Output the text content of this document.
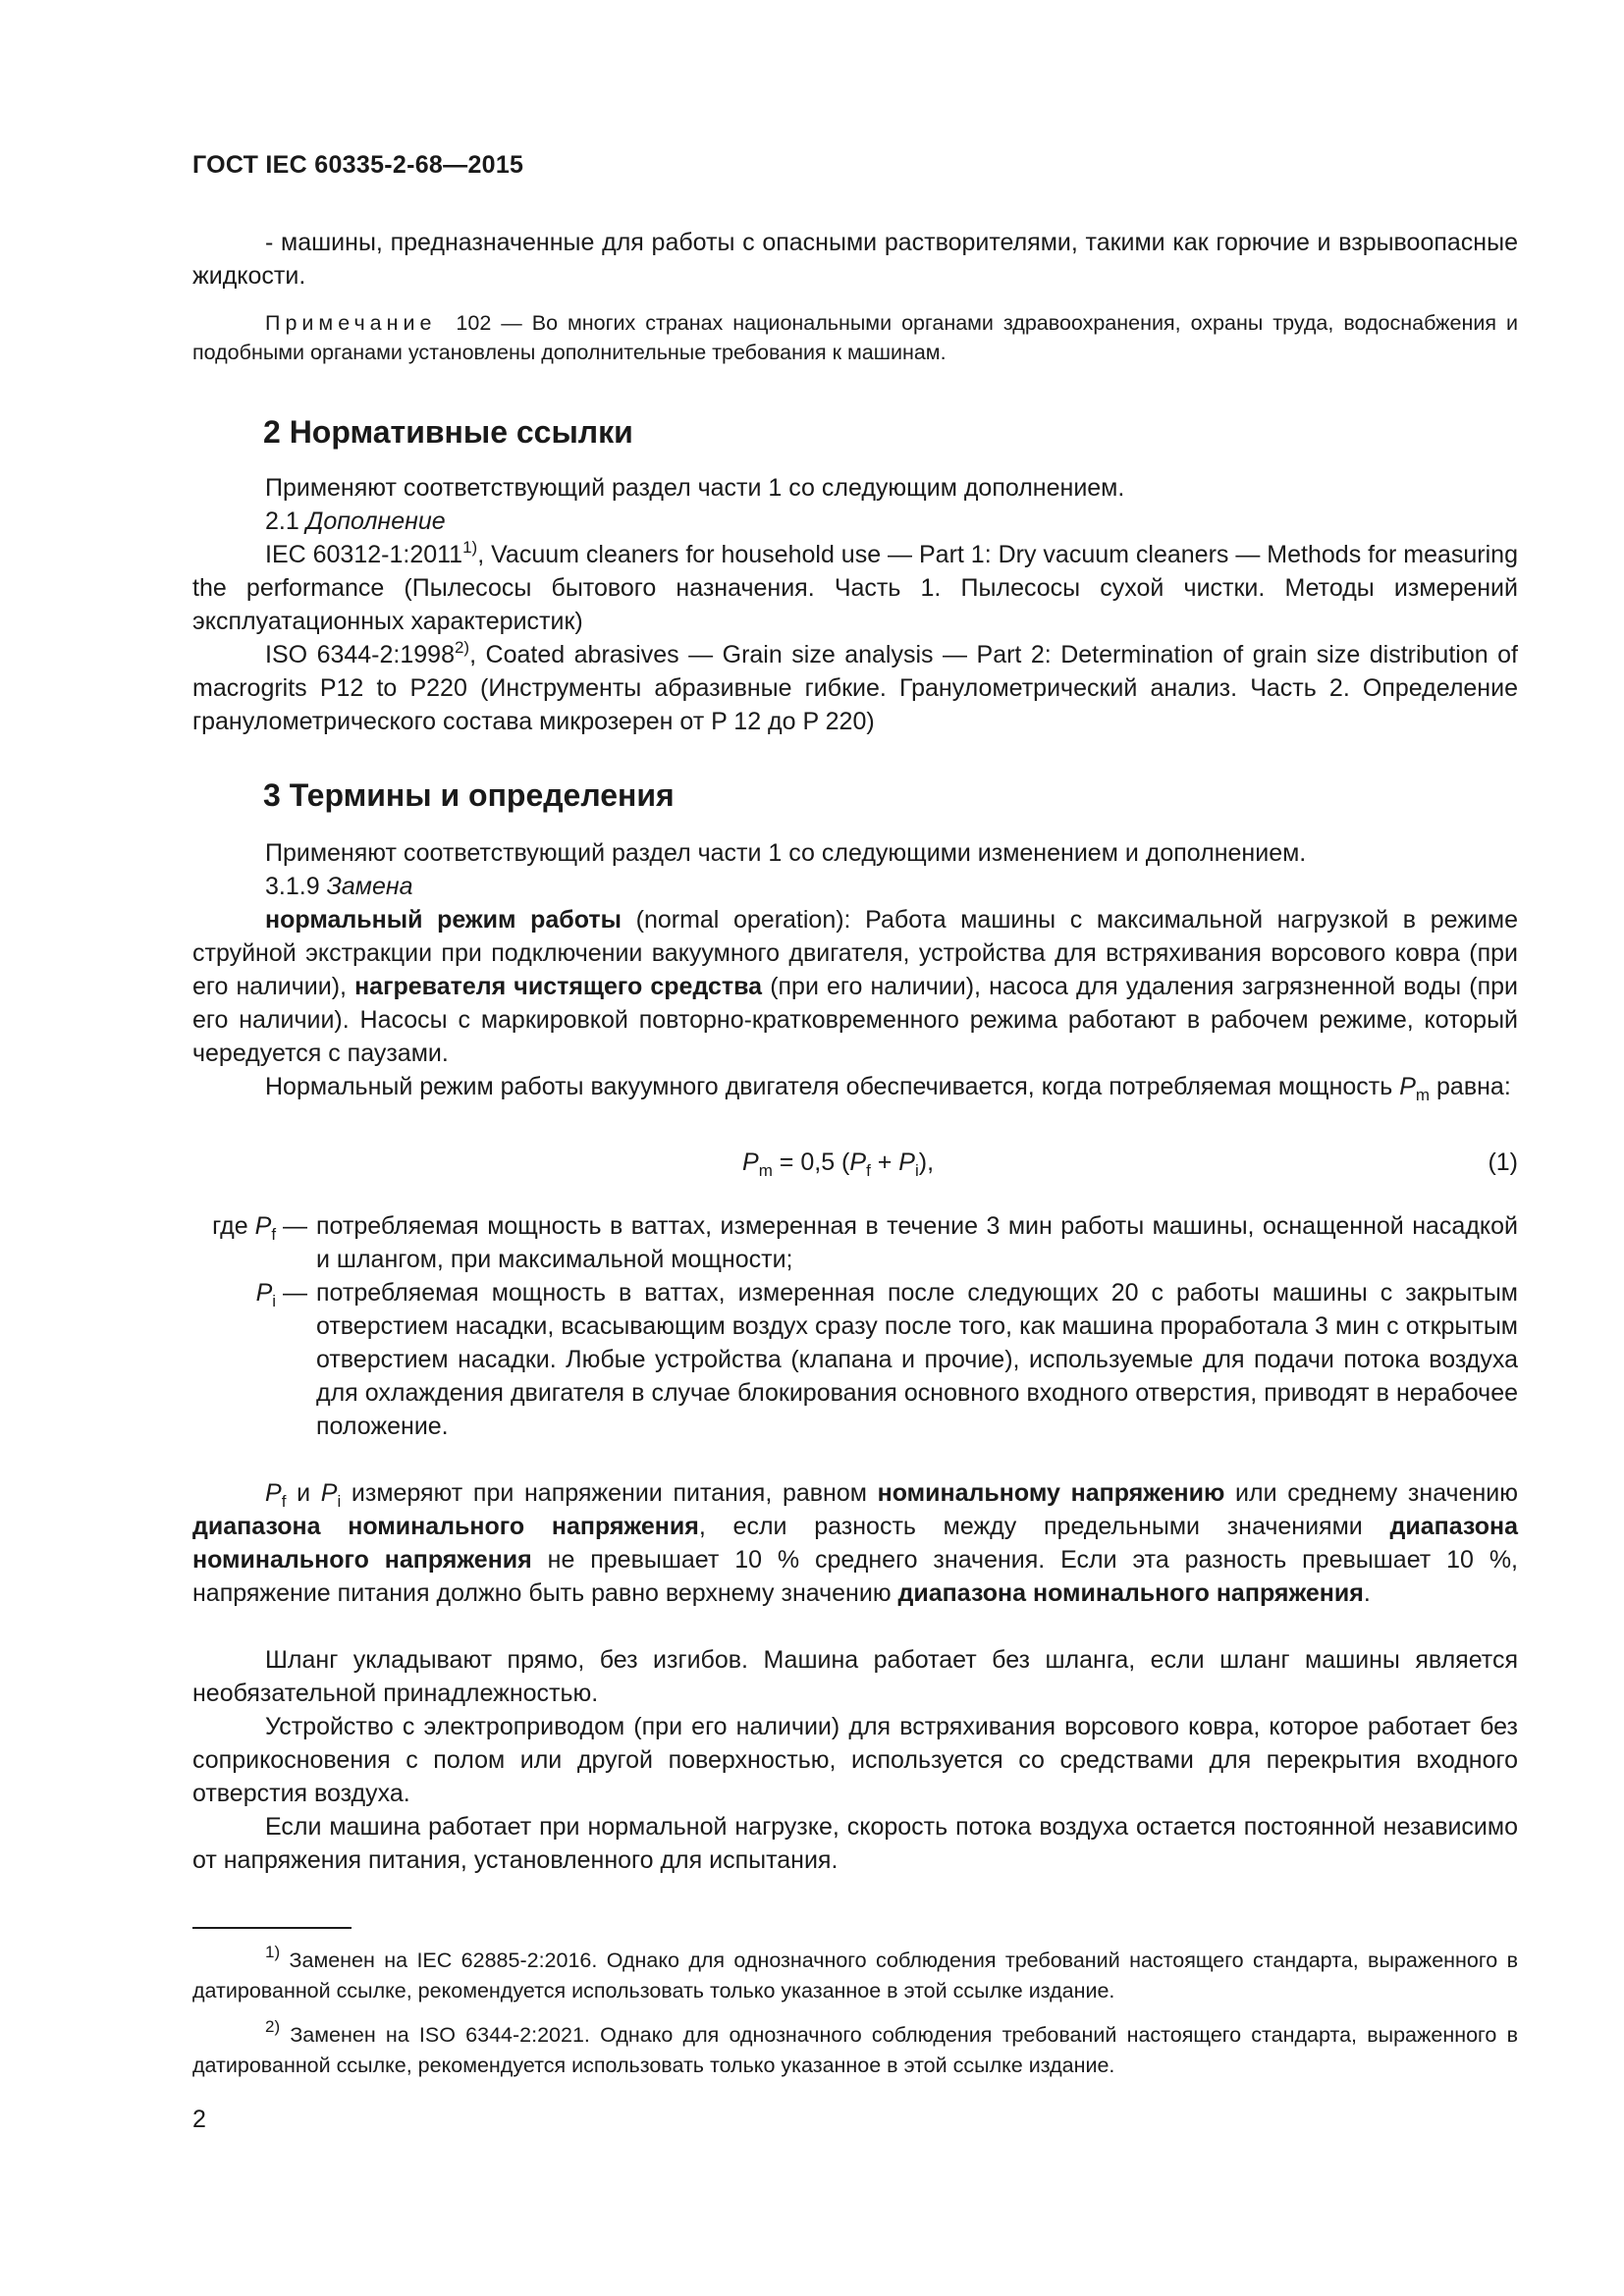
ГОСТ IEC 60335-2-68—2015
- машины, предназначенные для работы с опасными растворителями, такими как горючие и взрывоопасные жидкости.
Примечание 102 — Во многих странах национальными органами здравоохранения, охраны труда, водоснабжения и подобными органами установлены дополнительные требования к машинам.
2 Нормативные ссылки
Применяют соответствующий раздел части 1 со следующим дополнением.
2.1 Дополнение
IEC 60312-1:2011$^{1)}$, Vacuum cleaners for household use — Part 1: Dry vacuum cleaners — Methods for measuring the performance (Пылесосы бытового назначения. Часть 1. Пылесосы сухой чистки. Методы измерений эксплуатационных характеристик)
ISO 6344-2:1998$^{2)}$, Coated abrasives — Grain size analysis — Part 2: Determination of grain size distribution of macrogrits P12 to P220 (Инструменты абразивные гибкие. Гранулометрический анализ. Часть 2. Определение гранулометрического состава микрозерен от P 12 до P 220)
3 Термины и определения
Применяют соответствующий раздел части 1 со следующими изменением и дополнением.
3.1.9 Замена
нормальный режим работы (normal operation): Работа машины с максимальной нагрузкой в режиме струйной экстракции при подключении вакуумного двигателя, устройства для встряхивания ворсового ковра (при его наличии), нагревателя чистящего средства (при его наличии), насоса для удаления загрязненной воды (при его наличии). Насосы с маркировкой повторно-кратковременного режима работают в рабочем режиме, который чередуется с паузами.
Нормальный режим работы вакуумного двигателя обеспечивается, когда потребляемая мощность $P_m$ равна:
$P_m = 0,5$ $(P_f + P_i)$,	(1)
где $P_f$ — потребляемая мощность в ваттах, измеренная в течение 3 мин работы машины, оснащенной насадкой и шлангом, при максимальной мощности;
$P_i$ — потребляемая мощность в ваттах, измеренная после следующих 20 с работы машины с закрытым отверстием насадки, всасывающим воздух сразу после того, как машина проработала 3 мин с открытым отверстием насадки. Любые устройства (клапана и прочие), используемые для подачи потока воздуха для охлаждения двигателя в случае блокирования основного входного отверстия, приводят в нерабочее положение.
$P_f$ и $P_i$ измеряют при напряжении питания, равном номинальному напряжению или среднему значению диапазона номинального напряжения, если разность между предельными значениями диапазона номинального напряжения не превышает 10 % среднего значения. Если эта разность превышает 10 %, напряжение питания должно быть равно верхнему значению диапазона номинального напряжения.
Шланг укладывают прямо, без изгибов. Машина работает без шланга, если шланг машины является необязательной принадлежностью.
Устройство с электроприводом (при его наличии) для встряхивания ворсового ковра, которое работает без соприкосновения с полом или другой поверхностью, используется со средствами для перекрытия входного отверстия воздуха.
Если машина работает при нормальной нагрузке, скорость потока воздуха остается постоянной независимо от напряжения питания, установленного для испытания.
$^{1)}$ Заменен на IEC 62885-2:2016. Однако для однозначного соблюдения требований настоящего стандарта, выраженного в датированной ссылке, рекомендуется использовать только указанное в этой ссылке издание.
$^{2)}$ Заменен на ISO 6344-2:2021. Однако для однозначного соблюдения требований настоящего стандарта, выраженного в датированной ссылке, рекомендуется использовать только указанное в этой ссылке издание.
2
